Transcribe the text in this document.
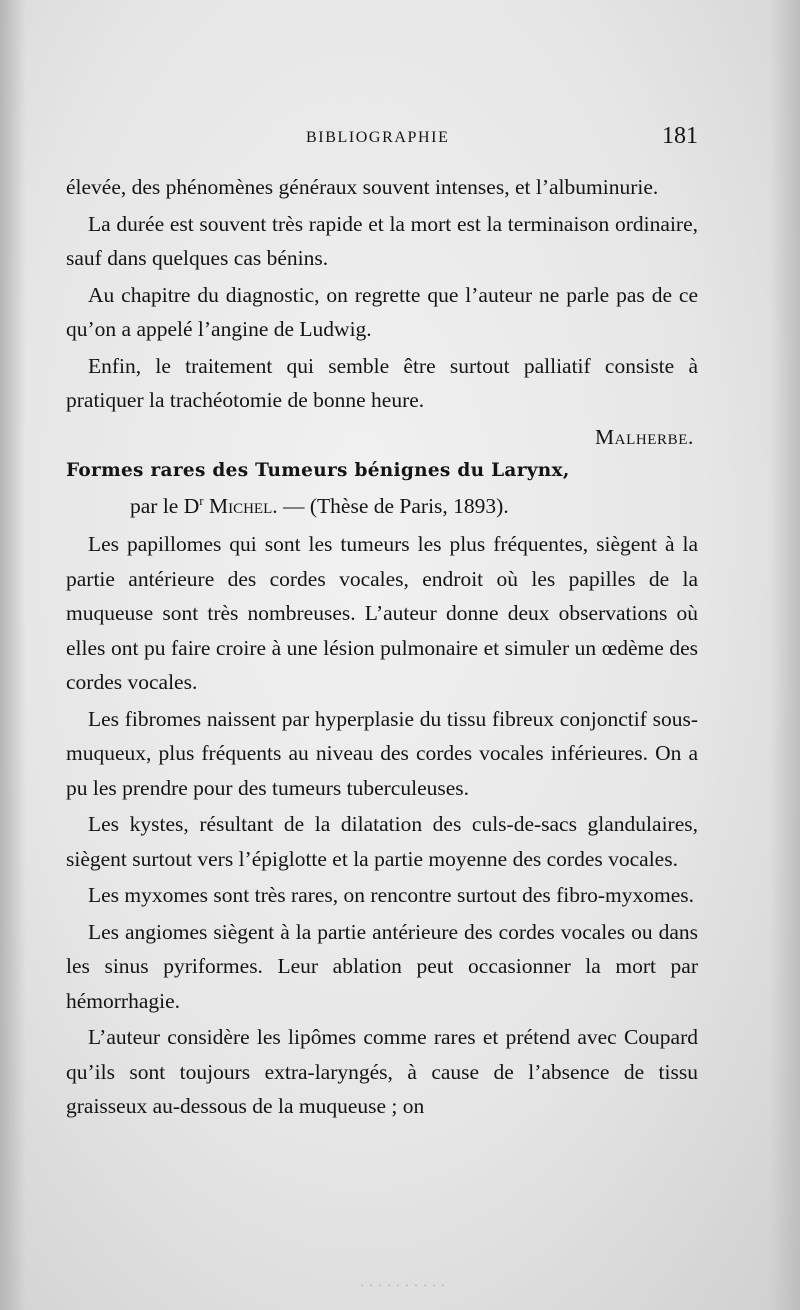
BIBLIOGRAPHIE	181

élevée, des phénomènes généraux souvent intenses, et l’albuminurie.

La durée est souvent très rapide et la mort est la terminaison ordinaire, sauf dans quelques cas bénins.

Au chapitre du diagnostic, on regrette que l’auteur ne parle pas de ce qu’on a appelé l’angine de Ludwig.

Enfin, le traitement qui semble être surtout palliatif consiste à pratiquer la trachéotomie de bonne heure.

Malherbe.

Formes rares des Tumeurs bénignes du Larynx,

par le $D^r$ Michel. — (Thèse de Paris, 1893).

Les papillomes qui sont les tumeurs les plus fréquentes, siègent à la partie antérieure des cordes vocales, endroit où les papilles de la muqueuse sont très nombreuses. L’auteur donne deux observations où elles ont pu faire croire à une lésion pulmonaire et simuler un œdème des cordes vocales.

Les fibromes naissent par hyperplasie du tissu fibreux conjonctif sous-muqueux, plus fréquents au niveau des cordes vocales inférieures. On a pu les prendre pour des tumeurs tuberculeuses.

Les kystes, résultant de la dilatation des culs-de-sacs glandulaires, siègent surtout vers l’épiglotte et la partie moyenne des cordes vocales.

Les myxomes sont très rares, on rencontre surtout des fibro-myxomes.

Les angiomes siègent à la partie antérieure des cordes vocales ou dans les sinus pyriformes. Leur ablation peut occasionner la mort par hémorrhagie.

L’auteur considère les lipômes comme rares et prétend avec Coupard qu’ils sont toujours extra-laryngés, à cause de l’absence de tissu graisseux au-dessous de la muqueuse ; on

· · · · · · · · · ·
